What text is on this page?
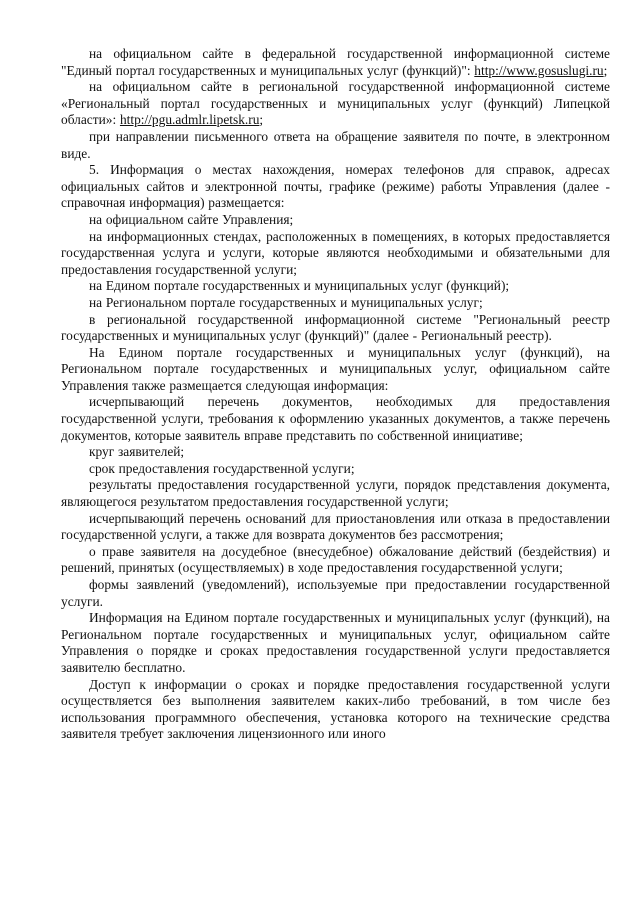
на официальном сайте в федеральной государственной информационной системе "Единый портал государственных и муниципальных услуг (функций)": http://www.gosuslugi.ru;

на официальном сайте в региональной государственной информационной системе «Региональный портал государственных и муниципальных услуг (функций) Липецкой области»: http://pgu.admlr.lipetsk.ru;

при направлении письменного ответа на обращение заявителя по почте, в электронном виде.

5. Информация о местах нахождения, номерах телефонов для справок, адресах официальных сайтов и электронной почты, графике (режиме) работы Управления (далее - справочная информация) размещается:

на официальном сайте Управления;

на информационных стендах, расположенных в помещениях, в которых предоставляется государственная услуга и услуги, которые являются необходимыми и обязательными для предоставления государственной услуги;

на Едином портале государственных и муниципальных услуг (функций);

на Региональном портале государственных и муниципальных услуг;

в региональной государственной информационной системе "Региональный реестр государственных и муниципальных услуг (функций)" (далее - Региональный реестр).

На Едином портале государственных и муниципальных услуг (функций), на Региональном портале государственных и муниципальных услуг, официальном сайте Управления также размещается следующая информация:

исчерпывающий перечень документов, необходимых для предоставления государственной услуги, требования к оформлению указанных документов, а также перечень документов, которые заявитель вправе представить по собственной инициативе;

круг заявителей;

срок предоставления государственной услуги;

результаты предоставления государственной услуги, порядок представления документа, являющегося результатом предоставления государственной услуги;

исчерпывающий перечень оснований для приостановления или отказа в предоставлении государственной услуги, а также для возврата документов без рассмотрения;

о праве заявителя на досудебное (внесудебное) обжалование действий (бездействия) и решений, принятых (осуществляемых) в ходе предоставления государственной услуги;

формы заявлений (уведомлений), используемые при предоставлении государственной услуги.

Информация на Едином портале государственных и муниципальных услуг (функций), на Региональном портале государственных и муниципальных услуг, официальном сайте Управления о порядке и сроках предоставления государственной услуги предоставляется заявителю бесплатно.

Доступ к информации о сроках и порядке предоставления государственной услуги осуществляется без выполнения заявителем каких-либо требований, в том числе без использования программного обеспечения, установка которого на технические средства заявителя требует заключения лицензионного или иного
